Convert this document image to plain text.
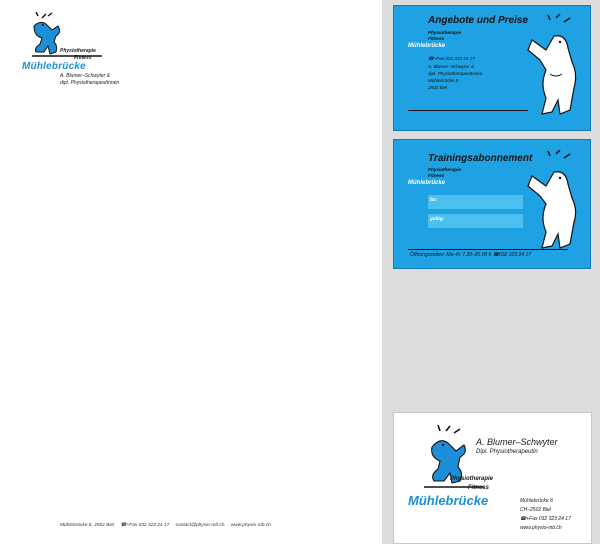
Physiotherapie
Fitness
Mühlebrücke
A. Blumer–Schwyter &
dipl. PhysiotherapeutInnen
Mühlebrücke 8, 2502 Biel ☎+Fax 032 323 24 17 contact@physio-mb.ch www.physio-mb.ch
Angebote und Preise
Physiotherapie
Fitness
Mühlebrücke
☎+Fax 032 323 24 17
A. Blumer–Schwyter &
dipl. PhysiotherapeutInnen
Mühlebrücke 8
2502 Biel
Trainingsabonnement
Physiotherapie
Fitness
Mühlebrücke
für:
gültig:
Öffnungszeiten: Mo–Fr 7.30–20.00 h ☎032 323 24 17
A. Blumer–Schwyter
Dipl. Physiotherapeutin
Physiotherapie
Fitness
Mühlebrücke	Mühlebrücke 8
CH–2502 Biel
☎+Fax 032 323 24 17
www.physio-mb.ch
